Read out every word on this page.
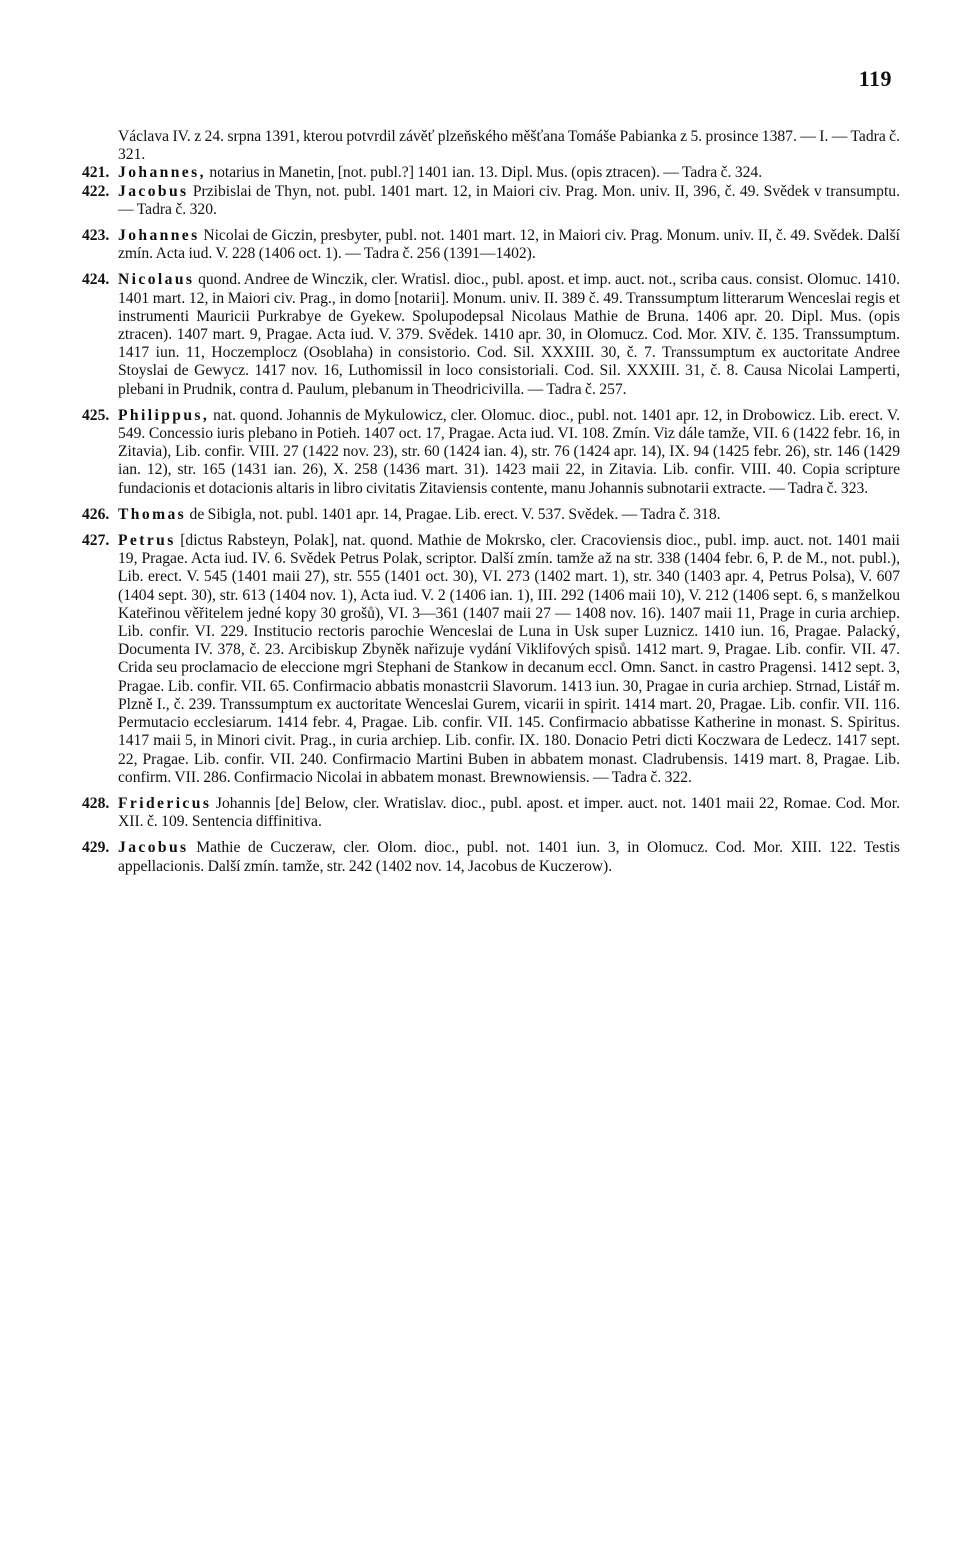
119

Václava IV. z 24. srpna 1391, kterou potvrdil závěť plzeňského měšťana Tomáše Pabianka z 5. prosince 1387. — I. — Tadra č. 321.

421. Johannes, notarius in Manetin, [not. publ.?] 1401 ian. 13. Dipl. Mus. (opis ztracen). — Tadra č. 324.

422. Jacobus Przibislai de Thyn, not. publ. 1401 mart. 12, in Maiori civ. Prag. Mon. univ. II, 396, č. 49. Svědek v transumptu. — Tadra č. 320.

423. Johannes Nicolai de Giczin, presbyter, publ. not. 1401 mart. 12, in Maiori civ. Prag. Monum. univ. II, č. 49. Svědek. Další zmín. Acta iud. V. 228 (1406 oct. 1). — Tadra č. 256 (1391—1402).

424. Nicolaus quond. Andree de Winczik, cler. Wratisl. dioc., publ. apost. et imp. auct. not., scriba caus. consist. Olomuc. 1410. 1401 mart. 12, in Maiori civ. Prag., in domo [notarii]. Monum. univ. II. 389 č. 49. Transsumptum litterarum Wenceslai regis et instrumenti Mauricii Purkrabye de Gyekew. Spolupodepsal Nicolaus Mathie de Bruna. 1406 apr. 20. Dipl. Mus. (opis ztracen). 1407 mart. 9, Pragae. Acta iud. V. 379. Svědek. 1410 apr. 30, in Olomucz. Cod. Mor. XIV. č. 135. Transsumptum. 1417 iun. 11, Hoczemplocz (Osoblaha) in consistorio. Cod. Sil. XXXIII. 30, č. 7. Transsumptum ex auctoritate Andree Stoyslai de Gewycz. 1417 nov. 16, Luthomissil in loco consistoriali. Cod. Sil. XXXIII. 31, č. 8. Causa Nicolai Lamperti, plebani in Prudnik, contra d. Paulum, plebanum in Theodricivilla. — Tadra č. 257.

425. Philippus, nat. quond. Johannis de Mykulowicz, cler. Olomuc. dioc., publ. not. 1401 apr. 12, in Drobowicz. Lib. erect. V. 549. Concessio iuris plebano in Potieh. 1407 oct. 17, Pragae. Acta iud. VI. 108. Zmín. Viz dále tamže, VII. 6 (1422 febr. 16, in Zitavia), Lib. confir. VIII. 27 (1422 nov. 23), str. 60 (1424 ian. 4), str. 76 (1424 apr. 14), IX. 94 (1425 febr. 26), str. 146 (1429 ian. 12), str. 165 (1431 ian. 26), X. 258 (1436 mart. 31). 1423 maii 22, in Zitavia. Lib. confir. VIII. 40. Copia scripture fundacionis et dotacionis altaris in libro civitatis Zitaviensis contente, manu Johannis subnotarii extracte. — Tadra č. 323.

426. Thomas de Sibigla, not. publ. 1401 apr. 14, Pragae. Lib. erect. V. 537. Svědek. — Tadra č. 318.

427. Petrus [dictus Rabsteyn, Polak], nat. quond. Mathie de Mokrsko, cler. Cracoviensis dioc., publ. imp. auct. not. 1401 maii 19, Pragae. Acta iud. IV. 6. Svědek Petrus Polak, scriptor. Další zmín. tamže až na str. 338 (1404 febr. 6, P. de M., not. publ.), Lib. erect. V. 545 (1401 maii 27), str. 555 (1401 oct. 30), VI. 273 (1402 mart. 1), str. 340 (1403 apr. 4, Petrus Polsa), V. 607 (1404 sept. 30), str. 613 (1404 nov. 1), Acta iud. V. 2 (1406 ian. 1), III. 292 (1406 maii 10), V. 212 (1406 sept. 6, s manželkou Kateřinou věřitelem jedné kopy 30 grošů), VI. 3—361 (1407 maii 27 — 1408 nov. 16). 1407 maii 11, Prage in curia archiep. Lib. confir. VI. 229. Institucio rectoris parochie Wenceslai de Luna in Usk super Luznicz. 1410 iun. 16, Pragae. Palacký, Documenta IV. 378, č. 23. Arcibiskup Zbyněk nařizuje vydání Viklifových spisů. 1412 mart. 9, Pragae. Lib. confir. VII. 47. Crida seu proclamacio de eleccione mgri Stephani de Stankow in decanum eccl. Omn. Sanct. in castro Pragensi. 1412 sept. 3, Pragae. Lib. confir. VII. 65. Confirmacio abbatis monastcrii Slavorum. 1413 iun. 30, Pragae in curia archiep. Strnad, Listář m. Plzně I., č. 239. Transsumptum ex auctoritate Wenceslai Gurem, vicarii in spirit. 1414 mart. 20, Pragae. Lib. confir. VII. 116. Permutacio ecclesiarum. 1414 febr. 4, Pragae. Lib. confir. VII. 145. Confirmacio abbatisse Katherine in monast. S. Spiritus. 1417 maii 5, in Minori civit. Prag., in curia archiep. Lib. confir. IX. 180. Donacio Petri dicti Koczwara de Ledecz. 1417 sept. 22, Pragae. Lib. confir. VII. 240. Confirmacio Martini Buben in abbatem monast. Cladrubensis. 1419 mart. 8, Pragae. Lib. confirm. VII. 286. Confirmacio Nicolai in abbatem monast. Brewnowiensis. — Tadra č. 322.

428. Fridericus Johannis [de] Below, cler. Wratislav. dioc., publ. apost. et imper. auct. not. 1401 maii 22, Romae. Cod. Mor. XII. č. 109. Sentencia diffinitiva.

429. Jacobus Mathie de Cuczeraw, cler. Olom. dioc., publ. not. 1401 iun. 3, in Olomucz. Cod. Mor. XIII. 122. Testis appellacionis. Další zmín. tamže, str. 242 (1402 nov. 14, Jacobus de Kuczerow).
